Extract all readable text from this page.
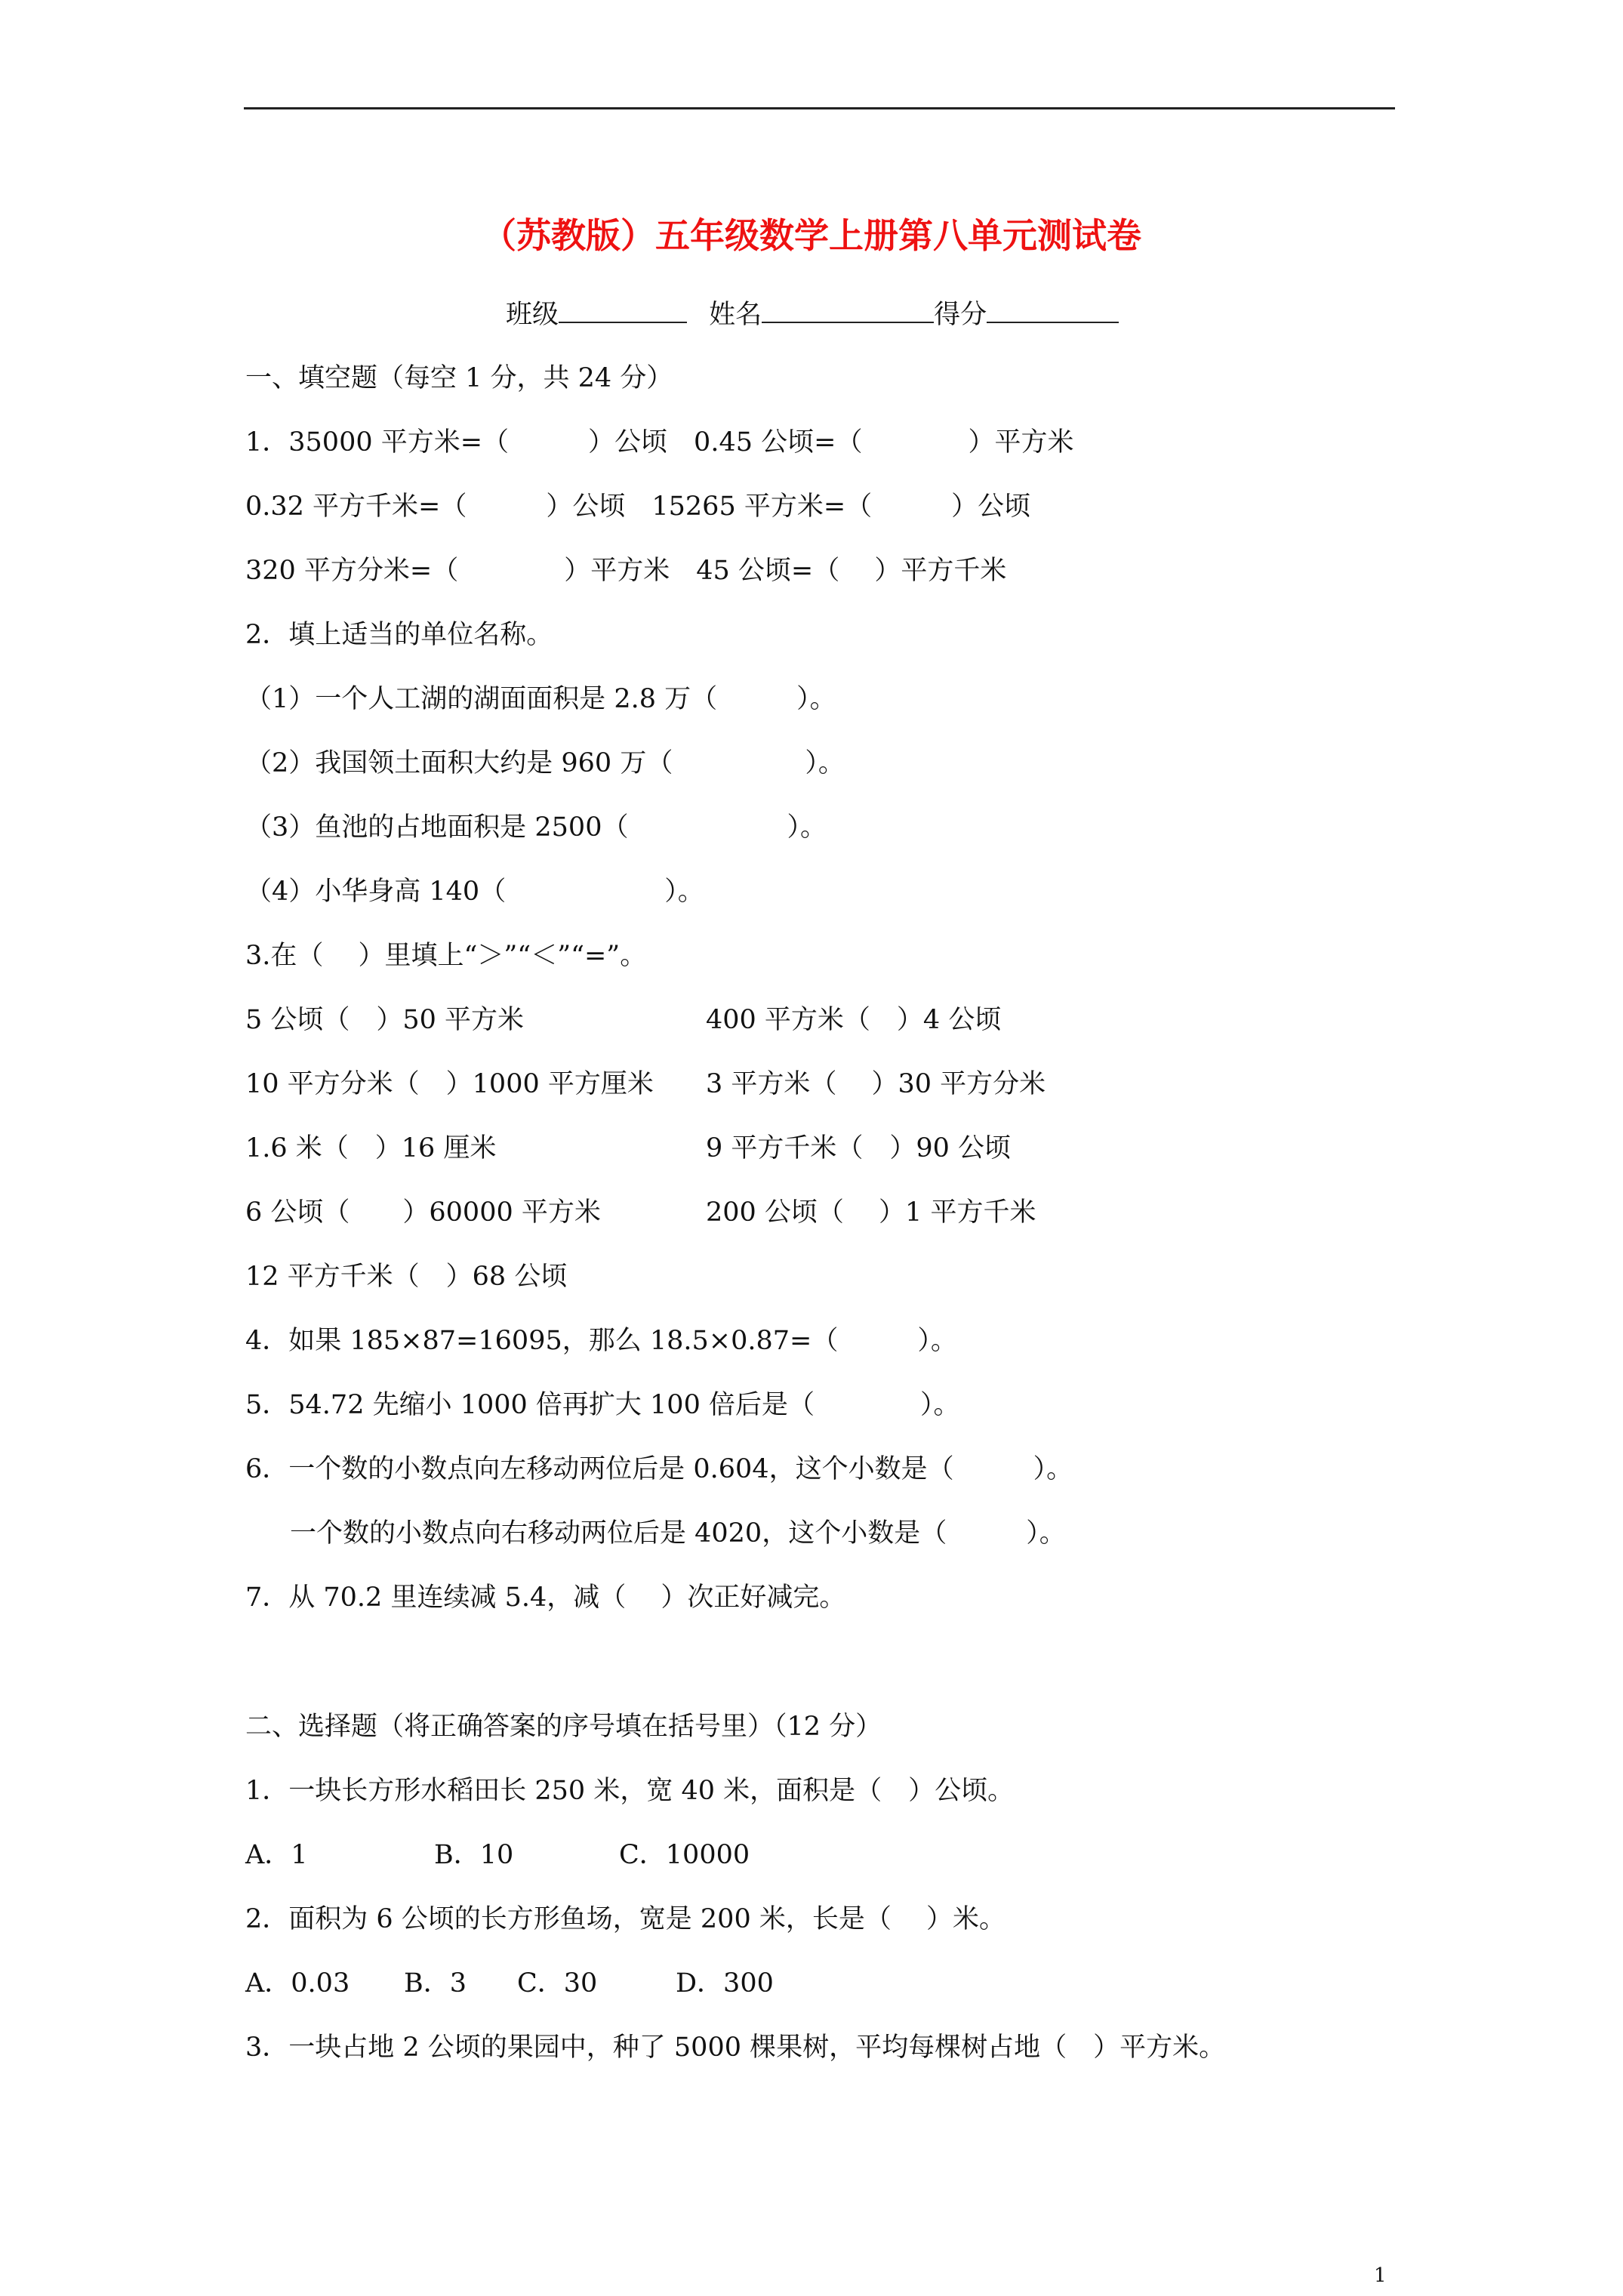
（苏教版）五年级数学上册第八单元测试卷
班级	姓名	得分
一、填空题（每空 1 分，共 24 分）
1．35000 平方米=（　　　）公顷　0.45 公顷=（　　　　）平方米
0.32 平方千米=（　　　）公顷　15265 平方米=（　　　）公顷
320 平方分米=（　　　　）平方米　45 公顷=（　 ）平方千米
2．填上适当的单位名称。
（1）一个人工湖的湖面面积是 2.8 万（　　　）。
（2）我国领土面积大约是 960 万（　　　　　）。
（3）鱼池的占地面积是 2500（　　　　　　）。
（4）小华身高 140（　　　　　　）。
3.在（　 ）里填上“＞”“＜”“=”。
5 公顷（　）50 平方米	400 平方米（　）4 公顷
10 平方分米（　）1000 平方厘米 3 平方米（　 ）30 平方分米
1.6 米（　）16 厘米	9 平方千米（　）90 公顷
6 公顷（　　）60000 平方米	200 公顷（　 ）1 平方千米
12 平方千米（　）68 公顷
4．如果 185×87=16095，那么 18.5×0.87=（　　　）。
5．54.72 先缩小 1000 倍再扩大 100 倍后是（　　　　）。
6．一个数的小数点向左移动两位后是 0.604，这个小数是（　　　）。
一个数的小数点向右移动两位后是 4020，这个小数是（　　　）。
7．从 70.2 里连续减 5.4，减（　 ）次正好减完。
二、选择题（将正确答案的序号填在括号里）（12 分）
1．一块长方形水稻田长 250 米，宽 40 米，面积是（　）公顷。
A．1	B．10	C．10000
2．面积为 6 公顷的长方形鱼场，宽是 200 米，长是（　 ）米。
A．0.03 B．3 C．30	D．300
3．一块占地 2 公顷的果园中，种了 5000 棵果树，平均每棵树占地（　）平方米。
1
